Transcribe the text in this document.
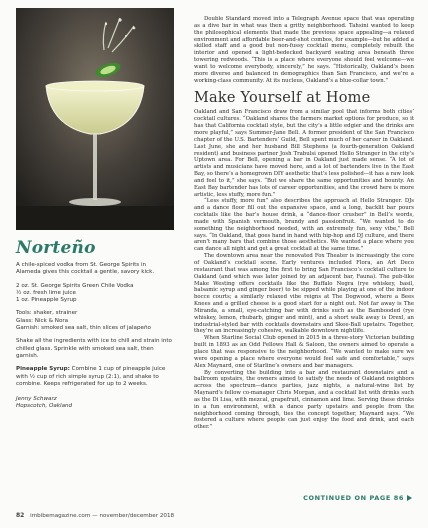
Norteño

A chile-spiced vodka from St. George Spirits in Alameda gives this cocktail a gentle, savory kick.

2 oz. St. George Spirits Green Chile Vodka
½ oz. fresh lime juice
1 oz. Pineapple Syrup

Tools: shaker, strainer
Glass: Nick & Nora
Garnish: smoked sea salt, thin slices of jalapeño

Shake all the ingredients with ice to chill and strain into chilled glass. Sprinkle with smoked sea salt, then garnish.

Pineapple Syrup: Combine 1 cup of pineapple juice with ½ cup of rich simple syrup (2:1), and shake to combine. Keeps refrigerated for up to 2 weeks.

Jenny Schwarz
Hopscotch, Oakland

Double Standard moved into a Telegraph Avenue space that was operating as a dive bar in what was then a gritty neighborhood. Tahsini wanted to keep the philosophical elements that made the previous space appealing—a relaxed environment and affordable beer-and-shot combos, for example—but he added a skilled staff and a good but non-fussy cocktail menu, completely rebuilt the interior and opened a light-bedecked backyard seating area beneath three towering redwoods. “This is a place where everyone should feel welcome—we want to welcome everybody, sincerely,” he says. “Historically, Oakland’s been more diverse and balanced in demographics than San Francisco, and we’re a working-class community. At its nucleus, Oakland’s a blue-collar town.”

Make Yourself at Home

Oakland and San Francisco draw from a similar pool that informs both cities’ cocktail cultures. “Oakland shares the farmers market options for produce, so it has that California cocktail style, but the city’s a little edgier and the drinks are more playful,” says Summer-Jane Bell. A former president of the San Francisco chapter of the U.S. Bartenders’ Guild, Bell spent much of her career in Oakland. Last June, she and her husband Bill Stephens (a fourth-generation Oakland resident) and business partner Josh Trabulsi opened Hello Stranger in the city’s Uptown area. For Bell, opening a bar in Oakland just made sense. “A lot of artists and musicians have moved here, and a lot of bartenders live in the East Bay, so there’s a homegrown DIY aesthetic that’s less polished—it has a raw look and feel to it,” she says. “But we share the same opportunities and bounty. An East Bay bartender has lots of career opportunities, and the crowd here is more artistic, less stuffy, more fun.”

“Less stuffy, more fun” also describes the approach at Hello Stranger. DJs and a dance floor fill out the expansive space, and a long, backlit bar pours cocktails like the bar’s house drink, a “dance-floor crusher” in Bell’s words, made with Spanish vermouth, brandy and passionfruit. “We wanted to do something the neighborhood needed, with an extremely fun, sexy vibe,” Bell says. “In Oakland, that goes hand in hand with hip-hop and DJ culture, and there aren’t many bars that combine those aesthetics. We wanted a place where you can dance all night and get a great cocktail at the same time.”

The downtown area near the renovated Fox Theater is increasingly the core of Oakland’s cocktail scene. Early ventures included Flora, an Art Deco restaurant that was among the first to bring San Francisco’s cocktail culture to Oakland (and which was later joined by an adjacent bar, Fauna). The pub-like Make Westing offers cocktails like the Buffalo Negra (rye whiskey, basil, balsamic syrup and ginger beer) to be sipped while playing at one of the indoor bocce courts; a similarly relaxed vibe reigns at The Dogwood, where a Bees Knees and a grilled cheese is a good start for a night out. Not far away is The Miranda, a small, eye-catching bar with drinks such as the Bambooded (rye whiskey, lemon, rhubarb, ginger and mint), and a short walk away is Drexl, an industrial-styled bar with cocktails downstairs and Skee-Ball upstairs. Together, they’re an increasingly cohesive, walkable downtown nightlife.

When Starline Social Club opened in 2015 in a three-story Victorian building built in 1893 as an Odd Fellows Hall & Saloon, the owners aimed to operate a place that was responsive to the neighborhood. “We wanted to make sure we were opening a place where everyone would feel safe and comfortable,” says Alex Maynard, one of Starline’s owners and bar managers.

By converting the building into a bar and restaurant downstairs and a ballroom upstairs, the owners aimed to satisfy the needs of Oakland neighbors across the spectrum—dance parties, jazz nights, a natural-wine list by Maynard’s fellow co-manager Chris Morgan, and a cocktail list with drinks such as the Di Lisa, with mezcal, grapefruit, cinnamon and lime. Serving these drinks in a fun environment, with a dance party upstairs and people from the neighborhood coming through, ties the concept together, Maynard says. “We fostered a culture where people can just enjoy the food and drink, and each other.”

CONTINUED ON PAGE 86
82 imbibemagazine.com — november/december 2018
